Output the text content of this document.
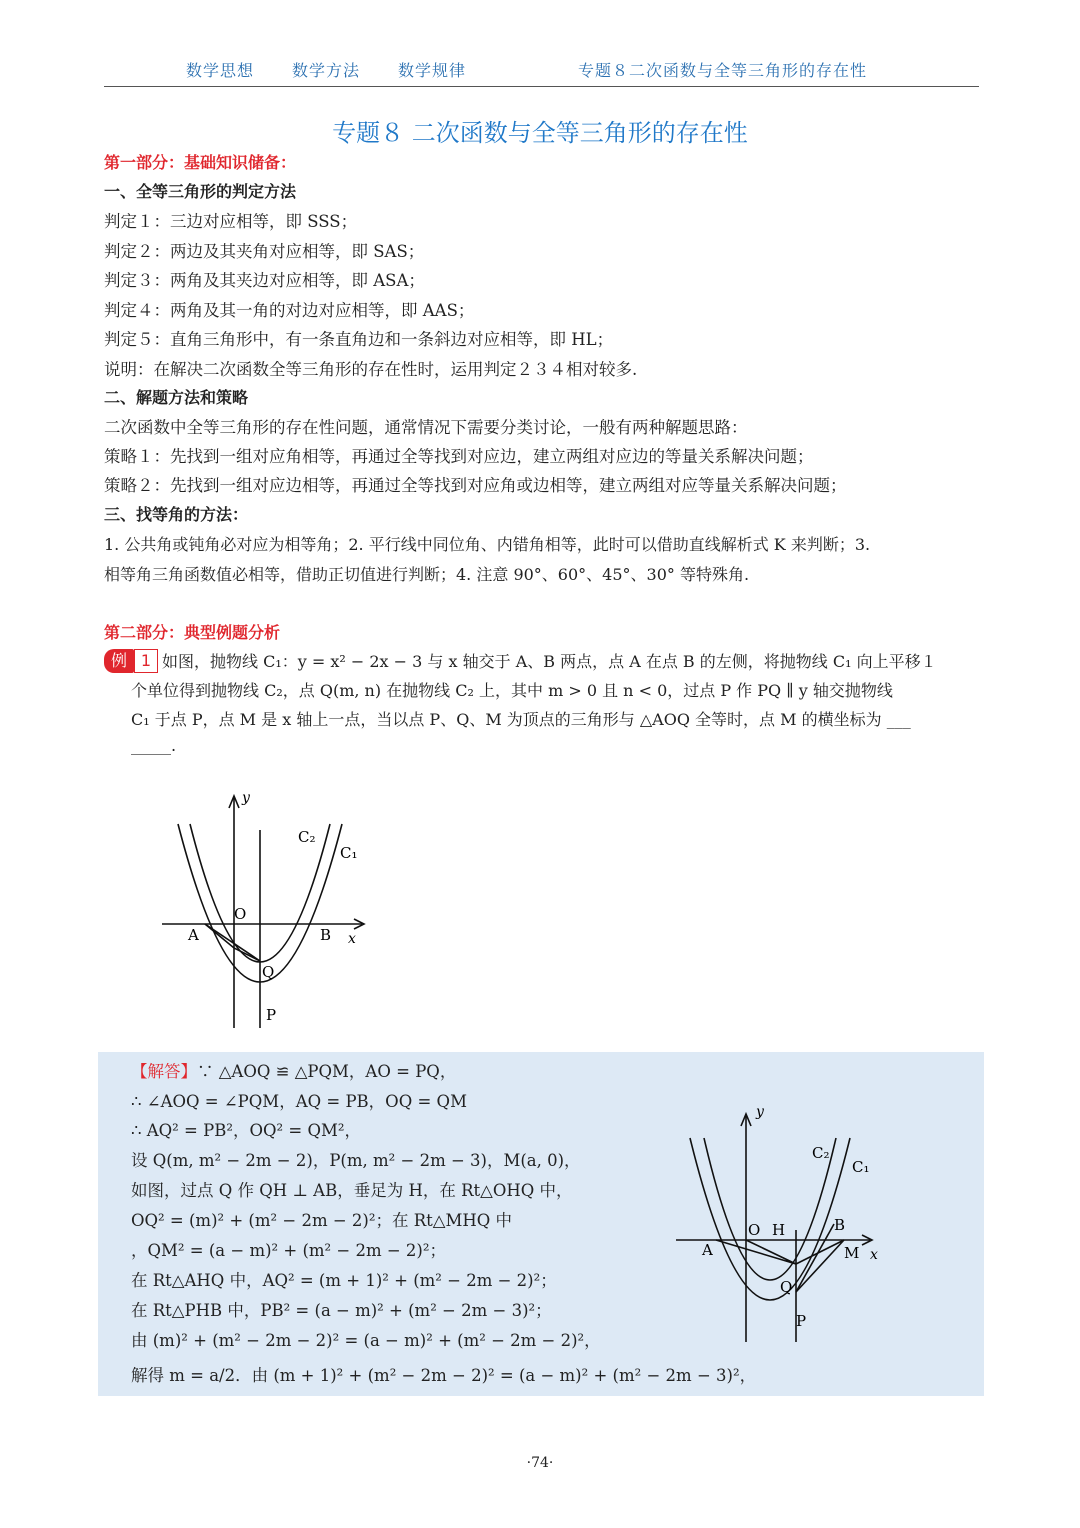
数学思想 数学方法 数学规律	专题８二次函数与全等三角形的存在性
专题８ 二次函数与全等三角形的存在性
第一部分：基础知识储备：
一、全等三角形的判定方法
判定１：三边对应相等，即 SSS；
判定２：两边及其夹角对应相等，即 SAS；
判定３：两角及其夹边对应相等，即 ASA；
判定４：两角及其一角的对边对应相等，即 AAS；
判定５：直角三角形中，有一条直角边和一条斜边对应相等，即 HL；
说明：在解决二次函数全等三角形的存在性时，运用判定２３４相对较多.
二、解题方法和策略
二次函数中全等三角形的存在性问题，通常情况下需要分类讨论，一般有两种解题思路：
策略１：先找到一组对应角相等，再通过全等找到对应边，建立两组对应边的等量关系解决问题；
策略２：先找到一组对应边相等，再通过全等找到对应角或边相等，建立两组对应等量关系解决问题；
三、找等角的方法：
1. 公共角或钝角必对应为相等角；2. 平行线中同位角、内错角相等，此时可以借助直线解析式 K 来判断；3.
相等角三角函数值必相等，借助正切值进行判断；4. 注意 90°、60°、45°、30° 等特殊角.
第二部分：典型例题分析
例 1 如图，抛物线 C₁：y = x² − 2x − 3 与 x 轴交于 A、B 两点，点 A 在点 B 的左侧，将抛物线 C₁ 向上平移１
个单位得到抛物线 C₂，点 Q(m, n) 在抛物线 C₂ 上，其中 m > 0 且 n < 0，过点 P 作 PQ ∥ y 轴交抛物线
C₁ 于点 P，点 M 是 x 轴上一点，当以点 P、Q、M 为顶点的三角形与 △AOQ 全等时，点 M 的横坐标为 ___
_____.
y
x
C₂
C₁
O
A	B
Q
P
【解答】∵ △AOQ ≌ △PQM，AO = PQ，
∴ ∠AOQ = ∠PQM，AQ = PB，OQ = QM
∴ AQ² = PB²，OQ² = QM²，
设 Q(m, m² − 2m − 2)，P(m, m² − 2m − 3)，M(a, 0)，
如图，过点 Q 作 QH ⊥ AB，垂足为 H，在 Rt△OHQ 中，
OQ² = (m)² + (m² − 2m − 2)²；在 Rt△MHQ 中
，QM² = (a − m)² + (m² − 2m − 2)²；
在 Rt△AHQ 中，AQ² = (m + 1)² + (m² − 2m − 2)²；
在 Rt△PHB 中，PB² = (a − m)² + (m² − 2m − 3)²；
由 (m)² + (m² − 2m − 2)² = (a − m)² + (m² − 2m − 2)²，
解得 m = a/2．由 (m + 1)² + (m² − 2m − 2)² = (a − m)² + (m² − 2m − 3)²，
y
x
C₂
C₁
O H
A
B
M
Q
P
·74·
